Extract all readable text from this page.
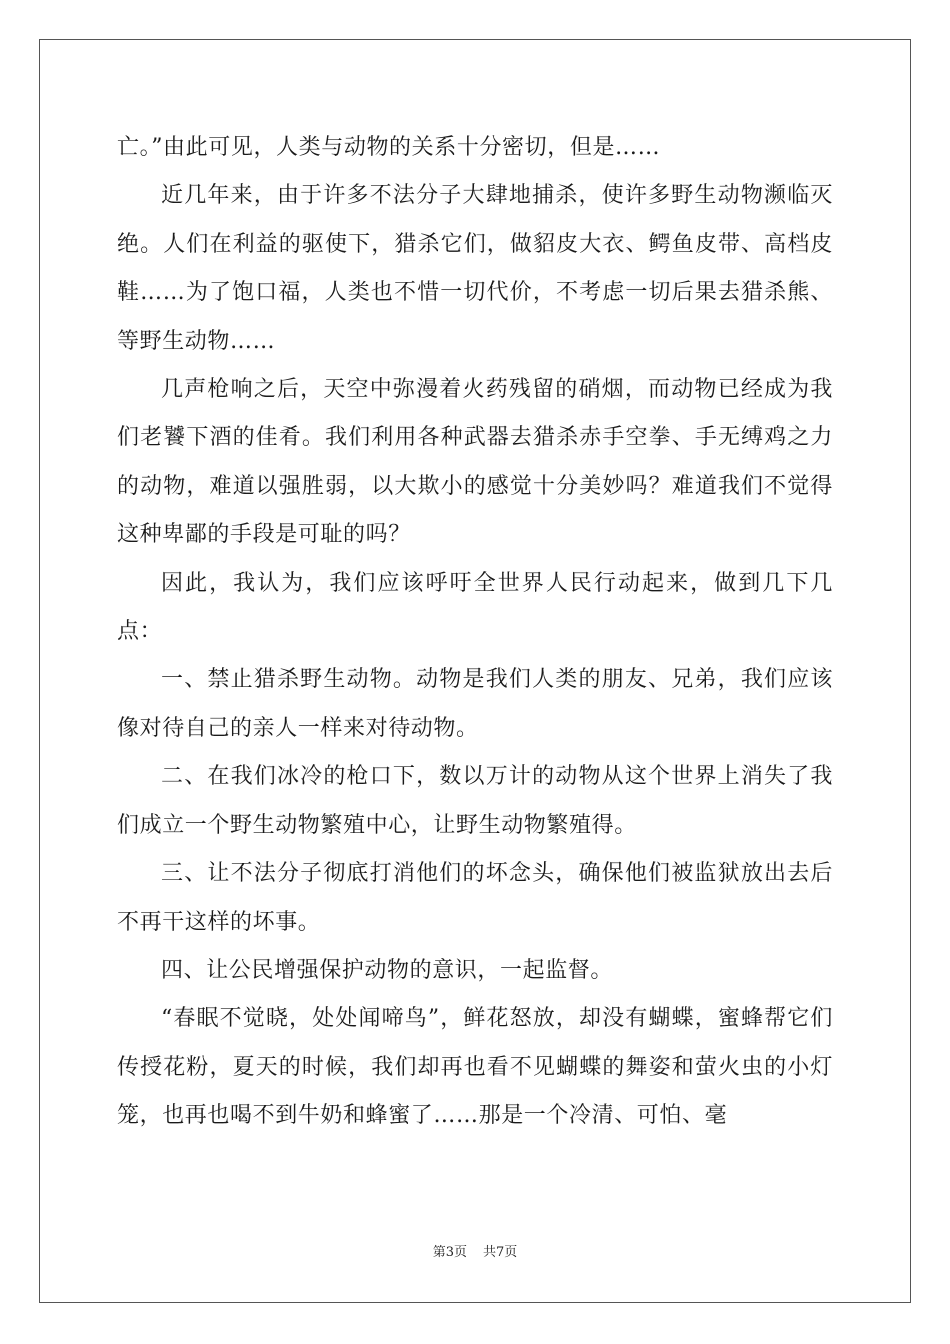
亡。”由此可见，人类与动物的关系十分密切，但是……

近几年来，由于许多不法分子大肆地捕杀，使许多野生动物濒临灭绝。人们在利益的驱使下，猎杀它们，做貂皮大衣、鳄鱼皮带、高档皮鞋……为了饱口福，人类也不惜一切代价，不考虑一切后果去猎杀熊、等野生动物……

几声枪响之后，天空中弥漫着火药残留的硝烟，而动物已经成为我们老饕下酒的佳肴。我们利用各种武器去猎杀赤手空拳、手无缚鸡之力的动物，难道以强胜弱，以大欺小的感觉十分美妙吗？难道我们不觉得这种卑鄙的手段是可耻的吗？

因此，我认为，我们应该呼吁全世界人民行动起来，做到几下几点：

一、禁止猎杀野生动物。动物是我们人类的朋友、兄弟，我们应该像对待自己的亲人一样来对待动物。

二、在我们冰冷的枪口下，数以万计的动物从这个世界上消失了我们成立一个野生动物繁殖中心，让野生动物繁殖得。

三、让不法分子彻底打消他们的坏念头，确保他们被监狱放出去后不再干这样的坏事。

四、让公民增强保护动物的意识，一起监督。

“春眠不觉晓，处处闻啼鸟”，鲜花怒放，却没有蝴蝶，蜜蜂帮它们传授花粉，夏天的时候，我们却再也看不见蝴蝶的舞姿和萤火虫的小灯笼，也再也喝不到牛奶和蜂蜜了……那是一个冷清、可怕、毫

第3页 共7页
